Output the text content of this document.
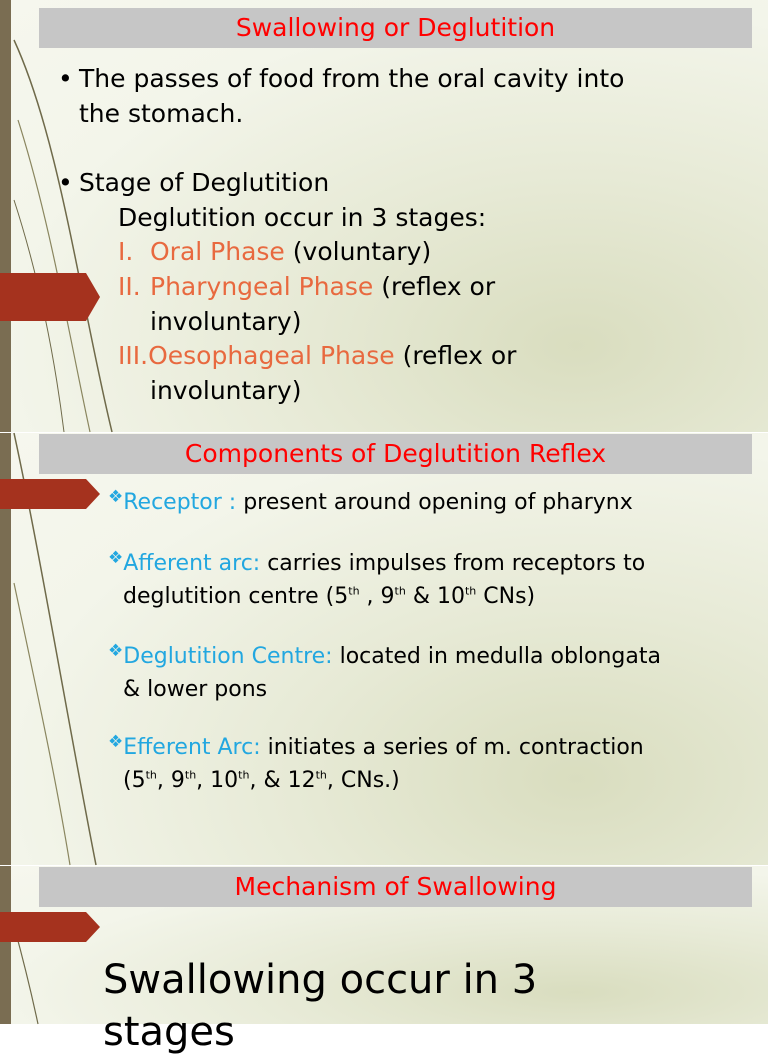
Swallowing or Deglutition
• The passes of food from the oral cavity into
the stomach.
• Stage of Deglutition
Deglutition occur in 3 stages:
I. Oral Phase (voluntary)
II. Pharyngeal Phase (reflex or
involuntary)
III.Oesophageal Phase (reflex or
involuntary)
Components of Deglutition Reflex
❖Receptor : present around opening of pharynx
❖Afferent arc: carries impulses from receptors to
deglutition centre (5th , 9th & 10th CNs)
❖Deglutition Centre: located in medulla oblongata
& lower pons
❖Efferent Arc: initiates a series of m. contraction
(5th, 9th, 10th, & 12th, CNs.)
Mechanism of Swallowing
Swallowing occur in 3
stages
